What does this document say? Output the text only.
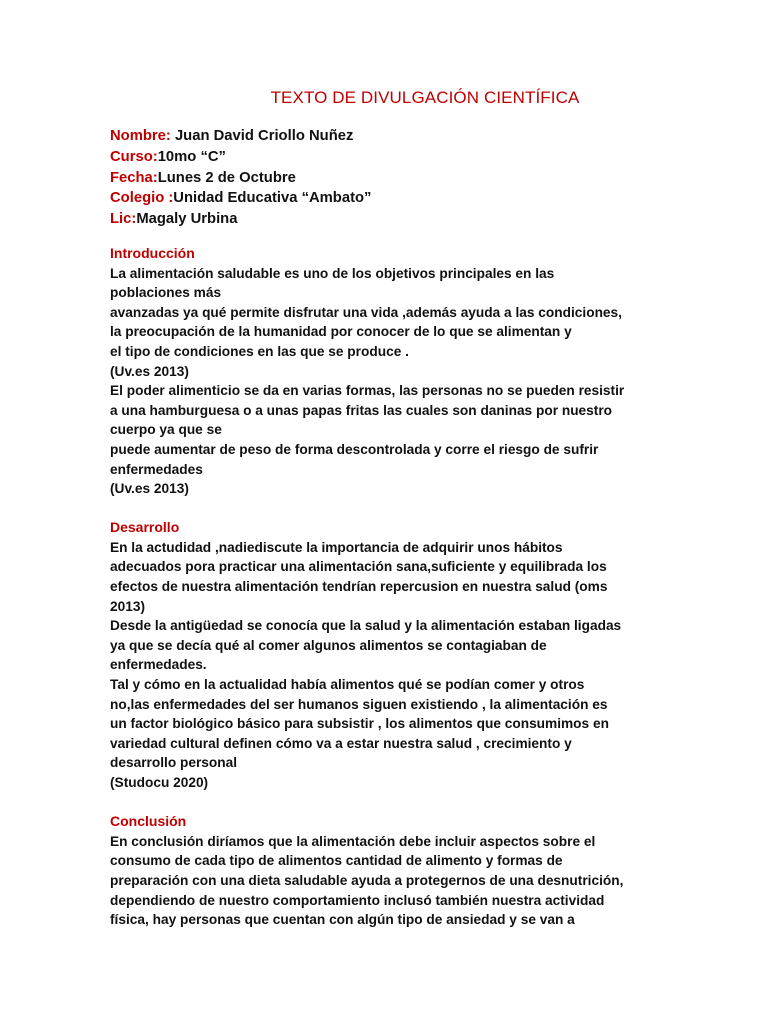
TEXTO DE DIVULGACIÓN CIENTÍFICA
Nombre: Juan David Criollo Nuñez
Curso:10mo “C”
Fecha:Lunes 2 de Octubre
Colegio :Unidad Educativa “Ambato”
Lic:Magaly Urbina
Introducción
La alimentación saludable es uno de los objetivos principales en las
poblaciones más
avanzadas ya qué permite disfrutar una vida ,además ayuda a las condiciones,
la preocupación de la humanidad por conocer de lo que se alimentan y
el tipo de condiciones en las que se produce .
(Uv.es 2013)
El poder alimenticio se da en varias formas, las personas no se pueden resistir
a una hamburguesa o a unas papas fritas las cuales son daninas por nuestro
cuerpo ya que se
puede aumentar de peso de forma descontrolada y corre el riesgo de sufrir
enfermedades
(Uv.es 2013)
Desarrollo
En la actudidad ,nadiediscute la importancia de adquirir unos hábitos
adecuados pora practicar una alimentación sana,suficiente y equilibrada los
efectos de nuestra alimentación tendrían repercusion en nuestra salud (oms
2013)
Desde la antigüedad se conocía que la salud y la alimentación estaban ligadas
ya que se decía qué al comer algunos alimentos se contagiaban de
enfermedades.
Tal y cómo en la actualidad había alimentos qué se podían comer y otros
no,las enfermedades del ser humanos siguen existiendo , la alimentación es
un factor biológico básico para subsistir , los alimentos que consumimos en
variedad cultural definen cómo va a estar nuestra salud , crecimiento y
desarrollo personal
(Studocu 2020)
Conclusión
En conclusión diríamos que la alimentación debe incluir aspectos sobre el
consumo de cada tipo de alimentos cantidad de alimento y formas de
preparación con una dieta saludable ayuda a protegernos de una desnutrición,
dependiendo de nuestro comportamiento inclusó también nuestra actividad
física, hay personas que cuentan con algún tipo de ansiedad y se van a
